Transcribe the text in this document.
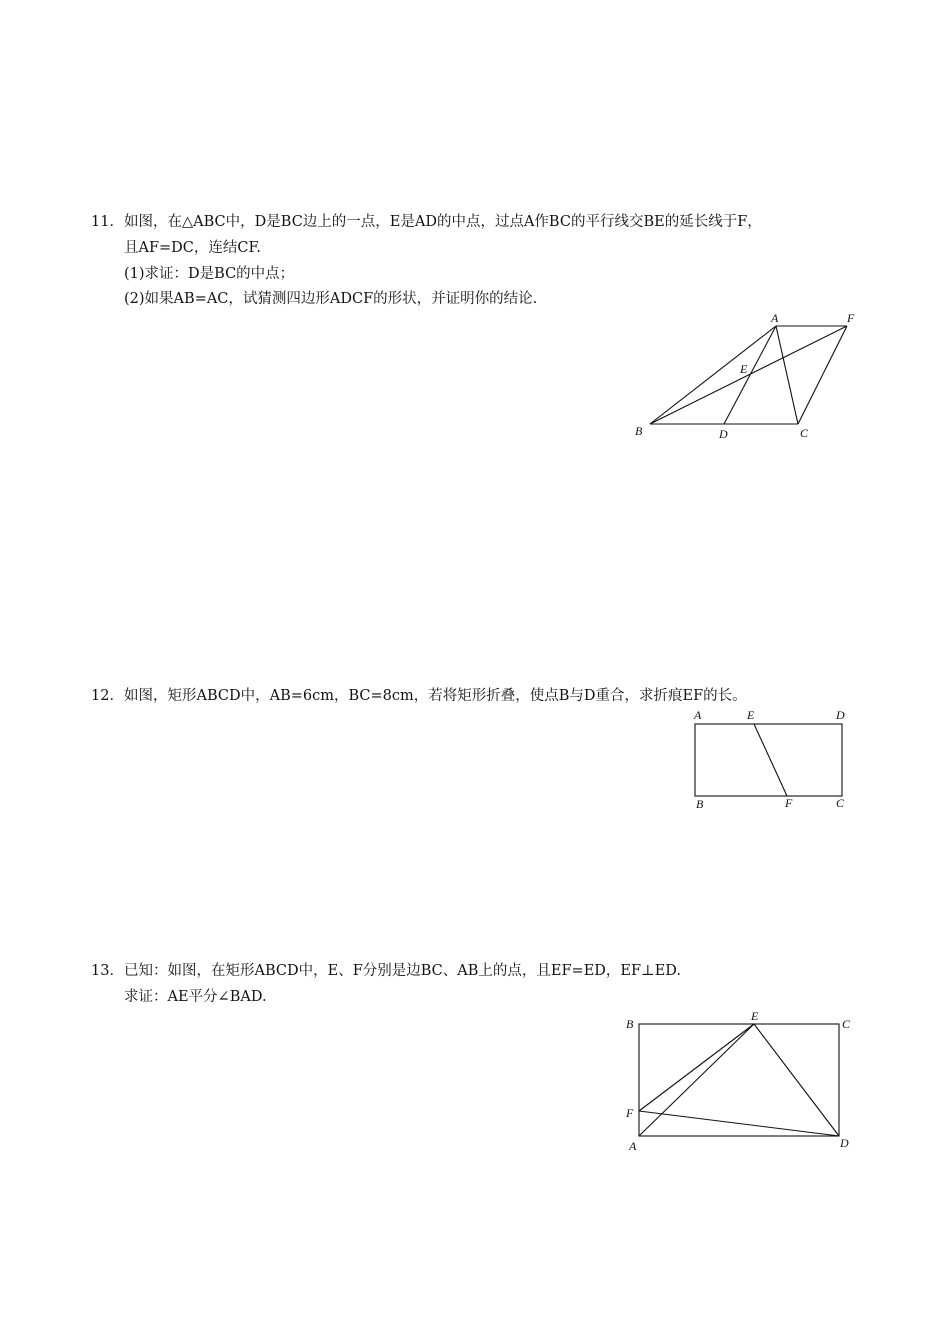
11． 如图，在△ABC中，D是BC边上的一点，E是AD的中点，过点A作BC的平行线交BE的延长线于F，
且AF=DC，连结CF.
(1)求证：D是BC的中点；
(2)如果AB=AC，试猜测四边形ADCF的形状，并证明你的结论.
A	F
E
B	D	C
12． 如图，矩形ABCD中，AB=6cm，BC=8cm，若将矩形折叠，使点B与D重合，求折痕EF的长。
A	E	D
B	F	C
13． 已知：如图，在矩形ABCD中，E、F分别是边BC、AB上的点，且EF=ED，EF⊥ED.
求证：AE平分∠BAD.
B
E
C
F
A	D
